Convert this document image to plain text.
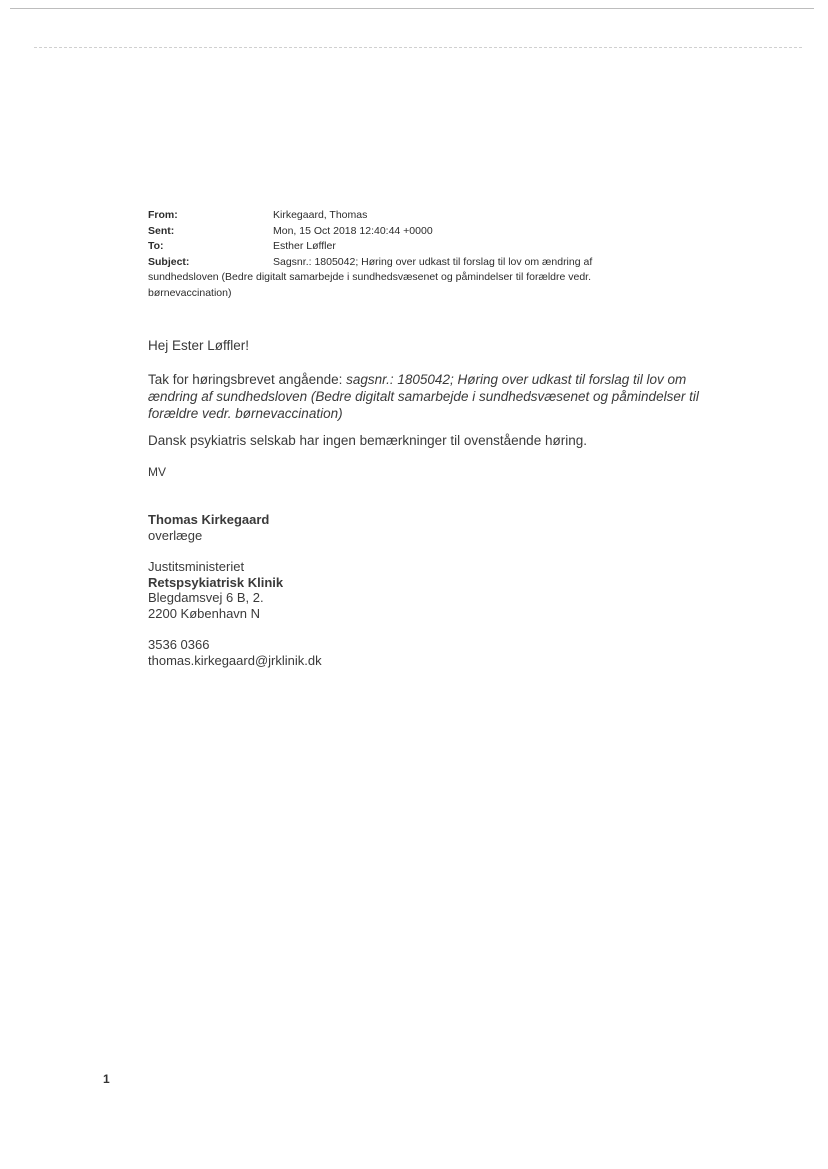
From:	Kirkegaard, Thomas
Sent:	Mon, 15 Oct 2018 12:40:44 +0000
To:	Esther Løffler
Subject:	Sagsnr.: 1805042; Høring over udkast til forslag til lov om ændring af
sundhedsloven (Bedre digitalt samarbejde i sundhedsvæsenet og påmindelser til forældre vedr.
børnevaccination)
Hej Ester Løffler!
Tak for høringsbrevet angående: sagsnr.: 1805042; Høring over udkast til forslag til lov om ændring af sundhedsloven (Bedre digitalt samarbejde i sundhedsvæsenet og påmindelser til forældre vedr. børnevaccination)
Dansk psykiatris selskab har ingen bemærkninger til ovenstående høring.
MV
Thomas Kirkegaard
overlæge
Justitsministeriet
Retspsykiatrisk Klinik
Blegdamsvej 6 B, 2.
2200 København N
3536 0366
thomas.kirkegaard@jrklinik.dk
1
